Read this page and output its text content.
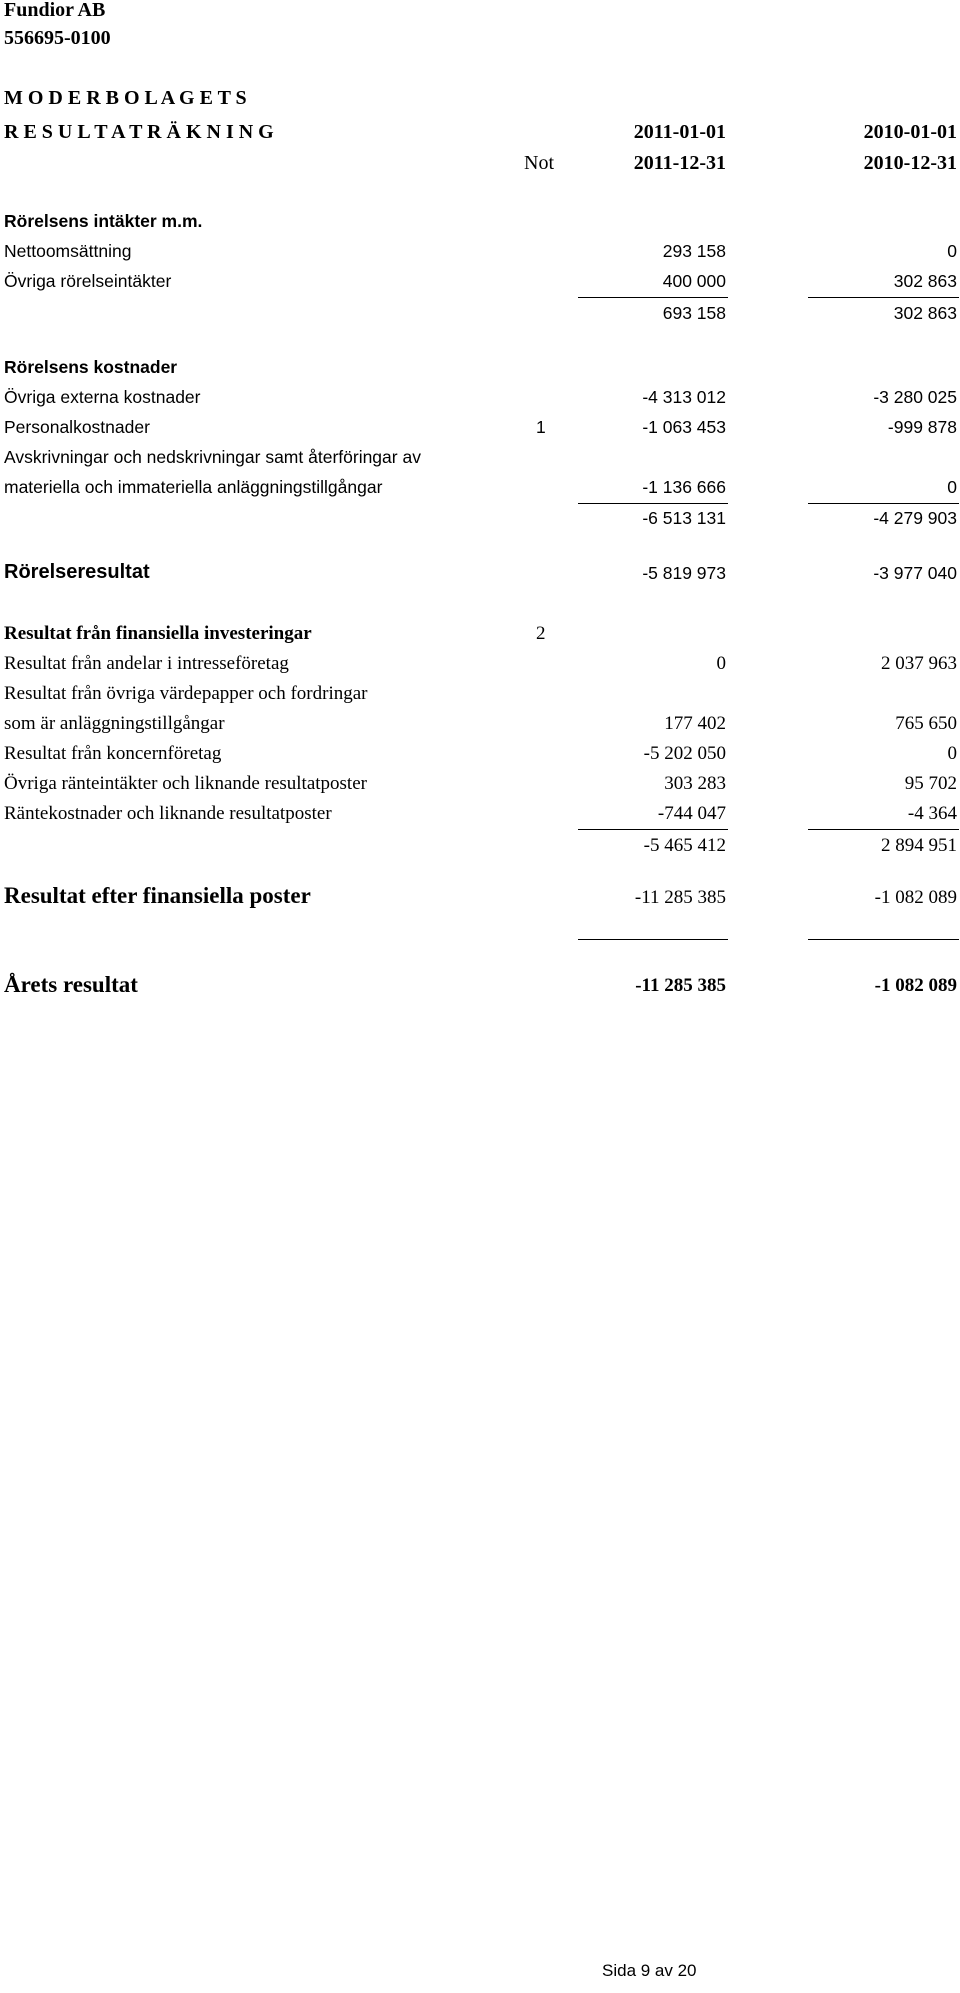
Fundior AB
556695-0100
M O D E R B O L A G E T S
R E S U L T A T R Ä K N I N G	2011-01-01	2010-01-01
Not	2011-12-31	2010-12-31
Rörelsens intäkter m.m.
Nettoomsättning	293 158	0
Övriga rörelseintäkter	400 000	302 863
693 158	302 863
Rörelsens kostnader
Övriga externa kostnader	-4 313 012	-3 280 025
Personalkostnader	1	-1 063 453	-999 878
Avskrivningar och nedskrivningar samt återföringar av
materiella och immateriella anläggningstillgångar	-1 136 666	0
-6 513 131	-4 279 903
Rörelseresultat	-5 819 973	-3 977 040
Resultat från finansiella investeringar	2
Resultat från andelar i intresseföretag	0	2 037 963
Resultat från övriga värdepapper och fordringar
som är anläggningstillgångar	177 402	765 650
Resultat från koncernföretag	-5 202 050	0
Övriga ränteintäkter och liknande resultatposter	303 283	95 702
Räntekostnader och liknande resultatposter	-744 047	-4 364
-5 465 412	2 894 951
Resultat efter finansiella poster	-11 285 385	-1 082 089
Årets resultat	-11 285 385	-1 082 089
Sida 9 av 20
